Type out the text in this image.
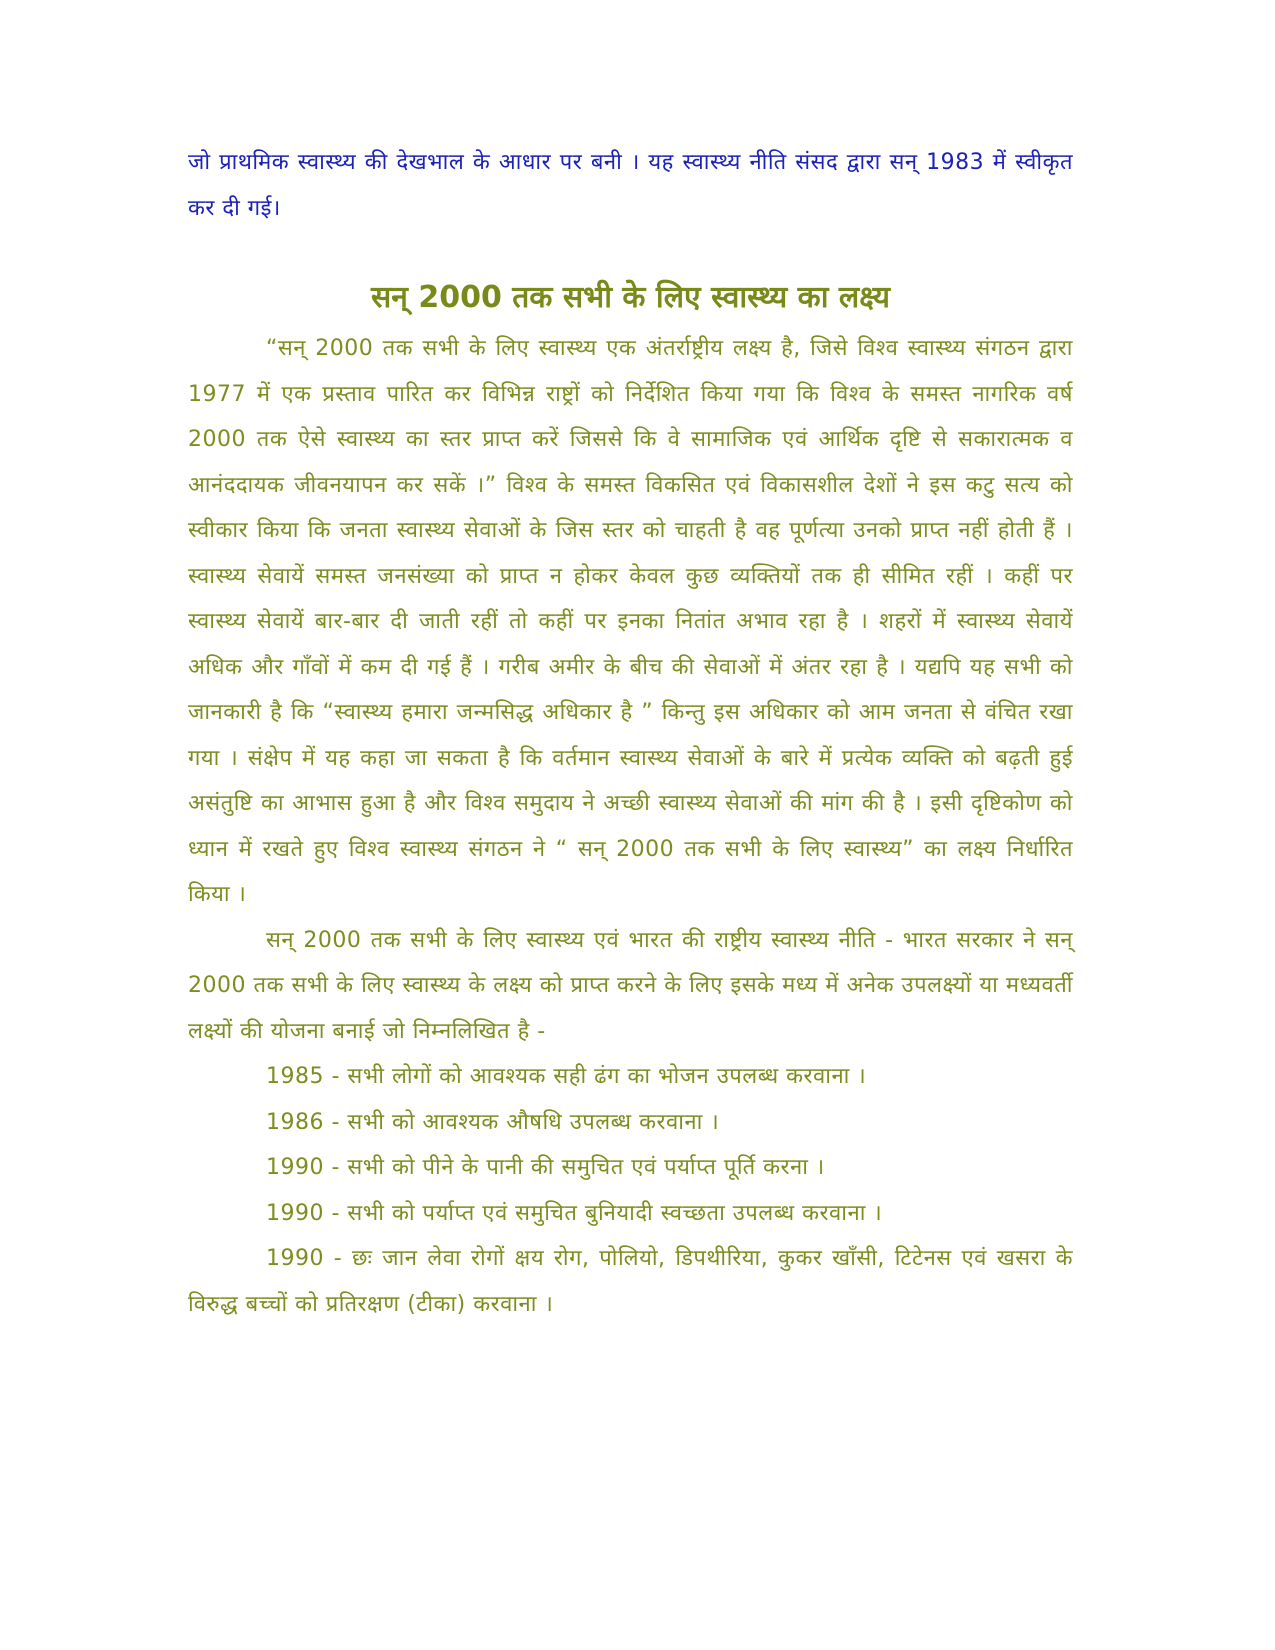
जो प्राथमिक स्वास्थ्य की देखभाल के आधार पर बनी । यह स्वास्थ्य नीति संसद द्वारा सन् 1983 में स्वीकृत कर दी गई।

सन् 2000 तक सभी के लिए स्वास्थ्य का लक्ष्य

“सन् 2000 तक सभी के लिए स्वास्थ्य एक अंतर्राष्ट्रीय लक्ष्य है, जिसे विश्व स्वास्थ्य संगठन द्वारा 1977 में एक प्रस्ताव पारित कर विभिन्न राष्ट्रों को निर्देशित किया गया कि विश्व के समस्त नागरिक वर्ष 2000 तक ऐसे स्वास्थ्य का स्तर प्राप्त करें जिससे कि वे सामाजिक एवं आर्थिक दृष्टि से सकारात्मक व आनंददायक जीवनयापन कर सकें ।” विश्व के समस्त विकसित एवं विकासशील देशों ने इस कटु सत्य को स्वीकार किया कि जनता स्वास्थ्य सेवाओं के जिस स्तर को चाहती है वह पूर्णत्या उनको प्राप्त नहीं होती हैं । स्वास्थ्य सेवायें समस्त जनसंख्या को प्राप्त न होकर केवल कुछ व्यक्तियों तक ही सीमित रहीं । कहीं पर स्वास्थ्य सेवायें बार-बार दी जाती रहीं तो कहीं पर इनका नितांत अभाव रहा है । शहरों में स्वास्थ्य सेवायें अधिक और गाँवों में कम दी गई हैं । गरीब अमीर के बीच की सेवाओं में अंतर रहा है । यद्यपि यह सभी को जानकारी है कि “स्वास्थ्य हमारा जन्मसिद्ध अधिकार है ” किन्तु इस अधिकार को आम जनता से वंचित रखा गया । संक्षेप में यह कहा जा सकता है कि वर्तमान स्वास्थ्य सेवाओं के बारे में प्रत्येक व्यक्ति को बढ़ती हुई असंतुष्टि का आभास हुआ है और विश्व समुदाय ने अच्छी स्वास्थ्य सेवाओं की मांग की है । इसी दृष्टिकोण को ध्यान में रखते हुए विश्व स्वास्थ्य संगठन ने “ सन् 2000 तक सभी के लिए स्वास्थ्य” का लक्ष्य निर्धारित किया ।

सन् 2000 तक सभी के लिए स्वास्थ्य एवं भारत की राष्ट्रीय स्वास्थ्य नीति - भारत सरकार ने सन् 2000 तक सभी के लिए स्वास्थ्य के लक्ष्य को प्राप्त करने के लिए इसके मध्य में अनेक उपलक्ष्यों या मध्यवर्ती लक्ष्यों की योजना बनाई जो निम्नलिखित है -

1985 - सभी लोगों को आवश्यक सही ढंग का भोजन उपलब्ध करवाना ।

1986 - सभी को आवश्यक औषधि उपलब्ध करवाना ।

1990 - सभी को पीने के पानी की समुचित एवं पर्याप्त पूर्ति करना ।

1990 - सभी को पर्याप्त एवं समुचित बुनियादी स्वच्छता उपलब्ध करवाना ।

1990 - छः जान लेवा रोगों क्षय रोग, पोलियो, डिपथीरिया, कुकर खाँसी, टिटेनस एवं खसरा के विरुद्ध बच्चों को प्रतिरक्षण (टीका) करवाना ।
